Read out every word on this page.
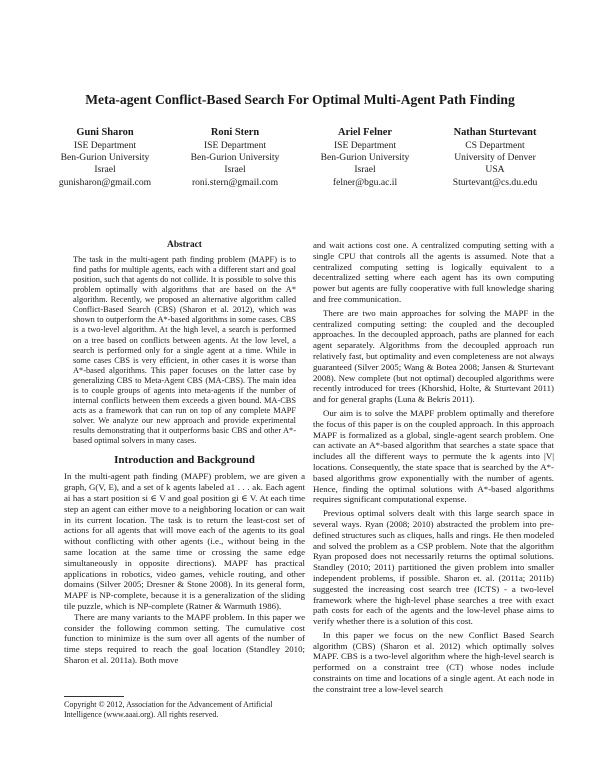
Meta-agent Conflict-Based Search For Optimal Multi-Agent Path Finding
Guni Sharon
ISE Department
Ben-Gurion University
Israel
gunisharon@gmail.com
Roni Stern
ISE Department
Ben-Gurion University
Israel
roni.stern@gmail.com
Ariel Felner
ISE Department
Ben-Gurion University
Israel
felner@bgu.ac.il
Nathan Sturtevant
CS Department
University of Denver
USA
Sturtevant@cs.du.edu
Abstract

The task in the multi-agent path finding problem (MAPF) is to find paths for multiple agents, each with a different start and goal position, such that agents do not collide. It is possible to solve this problem optimally with algorithms that are based on the A* algorithm. Recently, we proposed an alternative algorithm called Conflict-Based Search (CBS) (Sharon et al. 2012), which was shown to outperform the A*-based algorithms in some cases. CBS is a two-level algorithm. At the high level, a search is performed on a tree based on conflicts between agents. At the low level, a search is performed only for a single agent at a time. While in some cases CBS is very efficient, in other cases it is worse than A*-based algorithms. This paper focuses on the latter case by generalizing CBS to Meta-Agent CBS (MA-CBS). The main idea is to couple groups of agents into meta-agents if the number of internal conflicts between them exceeds a given bound. MA-CBS acts as a framework that can run on top of any complete MAPF solver. We analyze our new approach and provide experimental results demonstrating that it outperforms basic CBS and other A*-based optimal solvers in many cases.

Introduction and Background

In the multi-agent path finding (MAPF) problem, we are given a graph, G(V, E), and a set of k agents labeled a1 . . . ak. Each agent ai has a start position si ∈ V and goal position gi ∈ V. At each time step an agent can either move to a neighboring location or can wait in its current location. The task is to return the least-cost set of actions for all agents that will move each of the agents to its goal without conflicting with other agents (i.e., without being in the same location at the same time or crossing the same edge simultaneously in opposite directions). MAPF has practical applications in robotics, video games, vehicle routing, and other domains (Silver 2005; Dresner & Stone 2008). In its general form, MAPF is NP-complete, because it is a generalization of the sliding tile puzzle, which is NP-complete (Ratner & Warmuth 1986).

There are many variants to the MAPF problem. In this paper we consider the following common setting. The cumulative cost function to minimize is the sum over all agents of the number of time steps required to reach the goal location (Standley 2010; Sharon et al. 2011a). Both move

and wait actions cost one. A centralized computing setting with a single CPU that controls all the agents is assumed. Note that a centralized computing setting is logically equivalent to a decentralized setting where each agent has its own computing power but agents are fully cooperative with full knowledge sharing and free communication.

There are two main approaches for solving the MAPF in the centralized computing setting: the coupled and the decoupled approaches. In the decoupled approach, paths are planned for each agent separately. Algorithms from the decoupled approach run relatively fast, but optimality and even completeness are not always guaranteed (Silver 2005; Wang & Botea 2008; Jansen & Sturtevant 2008). New complete (but not optimal) decoupled algorithms were recently introduced for trees (Khorshid, Holte, & Sturtevant 2011) and for general graphs (Luna & Bekris 2011).

Our aim is to solve the MAPF problem optimally and therefore the focus of this paper is on the coupled approach. In this approach MAPF is formalized as a global, single-agent search problem. One can activate an A*-based algorithm that searches a state space that includes all the different ways to permute the k agents into |V| locations. Consequently, the state space that is searched by the A*-based algorithms grow exponentially with the number of agents. Hence, finding the optimal solutions with A*-based algorithms requires significant computational expense.

Previous optimal solvers dealt with this large search space in several ways. Ryan (2008; 2010) abstracted the problem into pre-defined structures such as cliques, halls and rings. He then modeled and solved the problem as a CSP problem. Note that the algorithm Ryan proposed does not necessarily returns the optimal solutions. Standley (2010; 2011) partitioned the given problem into smaller independent problems, if possible. Sharon et. al. (2011a; 2011b) suggested the increasing cost search tree (ICTS) - a two-level framework where the high-level phase searches a tree with exact path costs for each of the agents and the low-level phase aims to verify whether there is a solution of this cost.

In this paper we focus on the new Conflict Based Search algorithm (CBS) (Sharon et al. 2012) which optimally solves MAPF. CBS is a two-level algorithm where the high-level search is performed on a constraint tree (CT) whose nodes include constraints on time and locations of a single agent. At each node in the constraint tree a low-level search

Copyright © 2012, Association for the Advancement of Artificial Intelligence (www.aaai.org). All rights reserved.
